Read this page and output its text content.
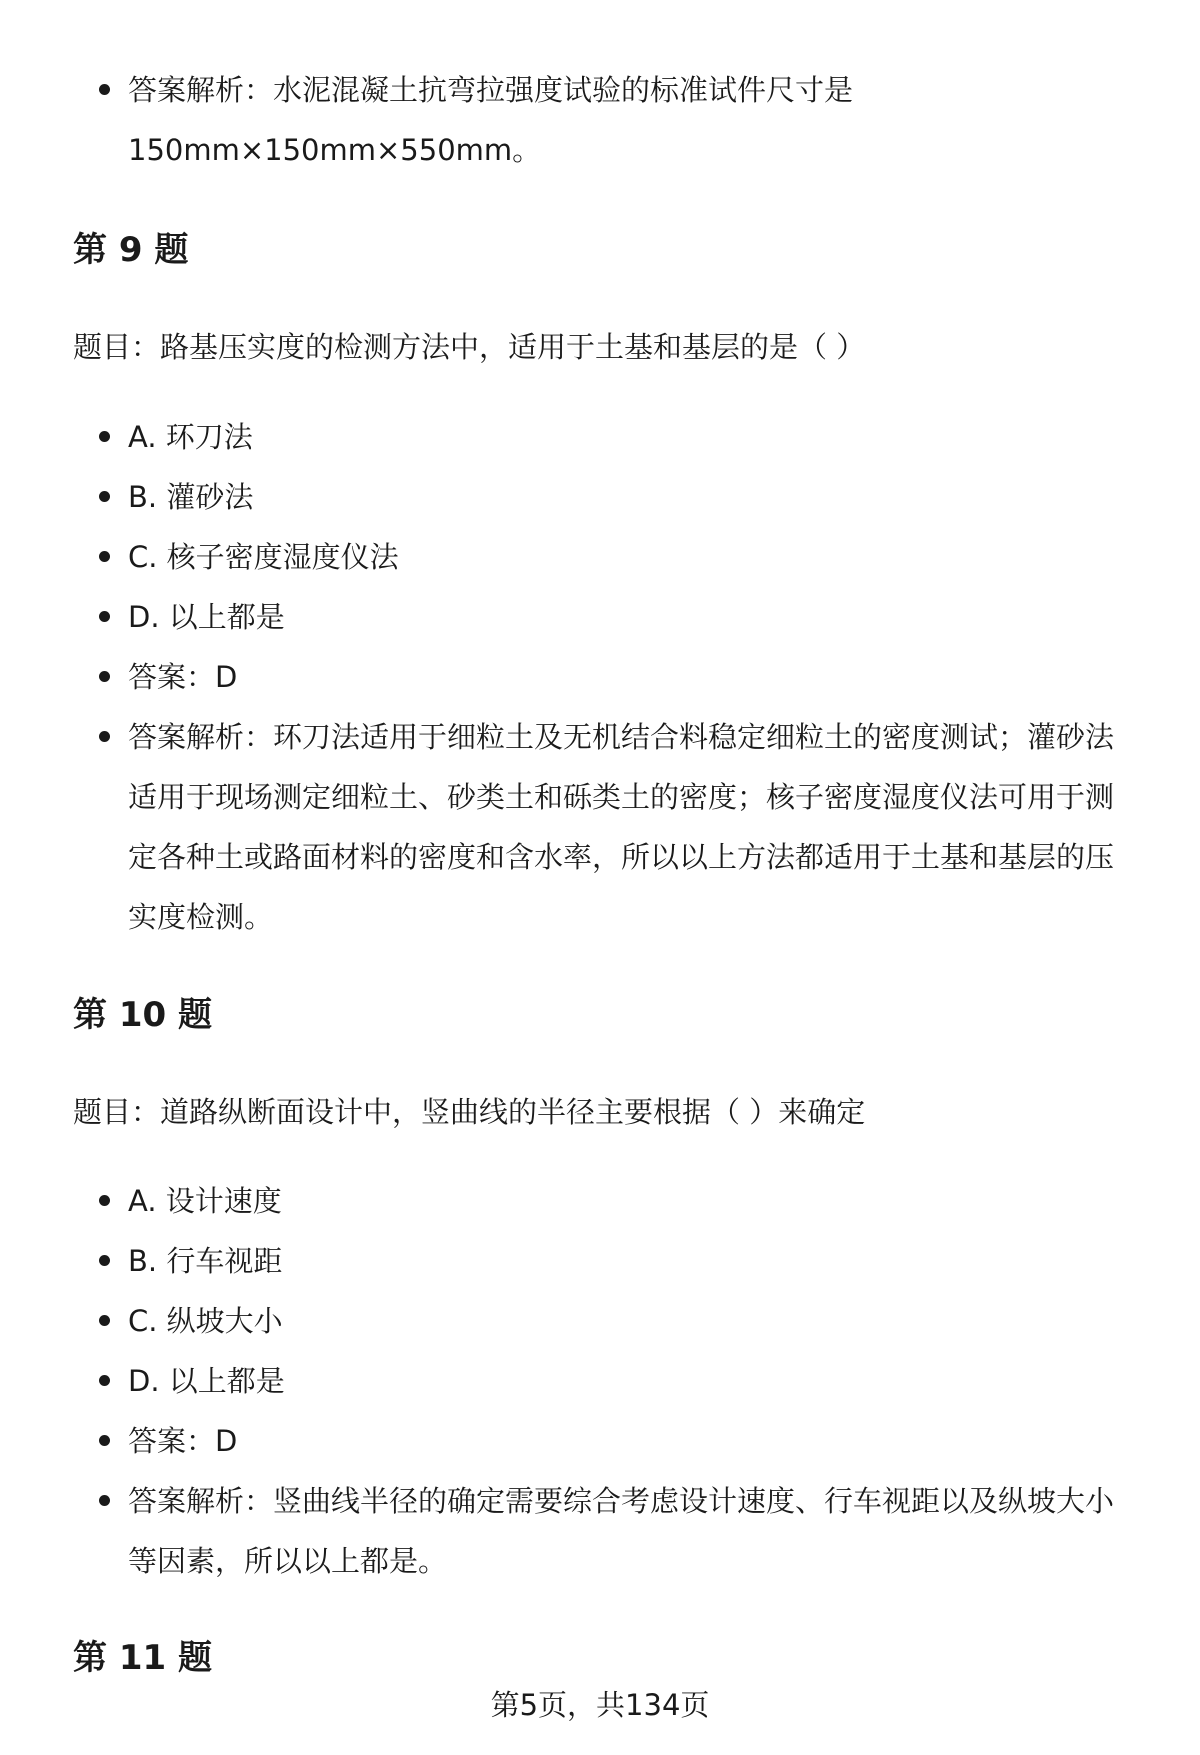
答案解析：水泥混凝土抗弯拉强度试验的标准试件尺寸是150mm×150mm×550mm。

第 9 题

题目：路基压实度的检测方法中，适用于土基和基层的是（ ）

A. 环刀法

B. 灌砂法

C. 核子密度湿度仪法

D. 以上都是

答案：D

答案解析：环刀法适用于细粒土及无机结合料稳定细粒土的密度测试；灌砂法适用于现场测定细粒土、砂类土和砾类土的密度；核子密度湿度仪法可用于测定各种土或路面材料的密度和含水率，所以以上方法都适用于土基和基层的压实度检测。

第 10 题

题目：道路纵断面设计中，竖曲线的半径主要根据（ ）来确定

A. 设计速度

B. 行车视距

C. 纵坡大小

D. 以上都是

答案：D

答案解析：竖曲线半径的确定需要综合考虑设计速度、行车视距以及纵坡大小等因素，所以以上都是。

第 11 题

第5页，共134页
